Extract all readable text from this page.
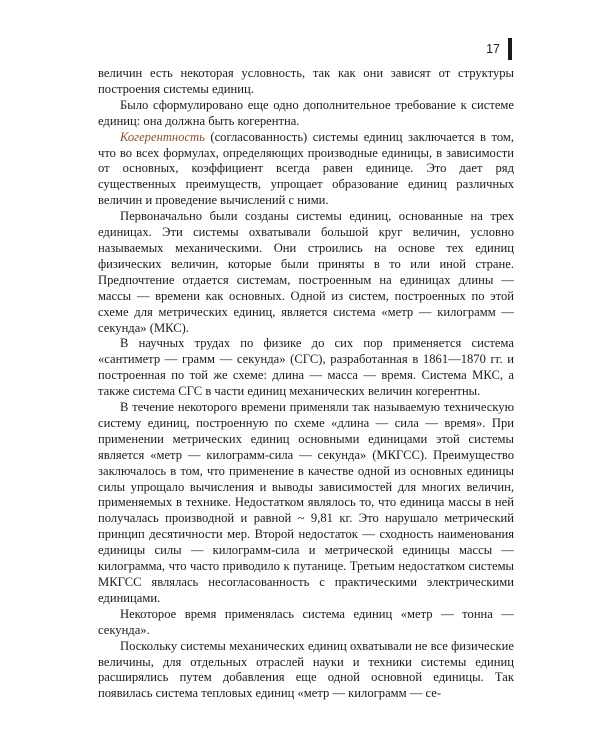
17

величин есть некоторая условность, так как они зависят от структуры построения системы единиц.

Было сформулировано еще одно дополнительное требование к системе единиц: она должна быть когерентна.

Когерентность (согласованность) системы единиц заключается в том, что во всех формулах, определяющих производные единицы, в зависимости от основных, коэффициент всегда равен единице. Это дает ряд существенных преимуществ, упрощает образование единиц различных величин и проведение вычислений с ними.

Первоначально были созданы системы единиц, основанные на трех единицах. Эти системы охватывали большой круг величин, условно называемых механическими. Они строились на основе тех единиц физических величин, которые были приняты в то или иной стране. Предпочтение отдается системам, построенным на единицах длины — массы — времени как основных. Одной из систем, построенных по этой схеме для метрических единиц, является система «метр — килограмм — секунда» (МКС).

В научных трудах по физике до сих пор применяется система «сантиметр — грамм — секунда» (СГС), разработанная в 1861—1870 гг. и построенная по той же схеме: длина — масса — время. Система МКС, а также система СГС в части единиц механических величин когерентны.

В течение некоторого времени применяли так называемую техническую систему единиц, построенную по схеме «длина — сила — время». При применении метрических единиц основными единицами этой системы является «метр — килограмм-сила — секунда» (МКГСС). Преимущество заключалось в том, что применение в качестве одной из основных единицы силы упрощало вычисления и выводы зависимостей для многих величин, применяемых в технике. Недостатком являлось то, что единица массы в ней получалась производной и равной ~ 9,81 кг. Это нарушало метрический принцип десятичности мер. Второй недостаток — сходность наименования единицы силы — килограмм-сила и метрической единицы массы — килограмма, что часто приводило к путанице. Третьим недостатком системы МКГСС являлась несогласованность с практическими электрическими единицами.

Некоторое время применялась система единиц «метр — тонна — секунда».

Поскольку системы механических единиц охватывали не все физические величины, для отдельных отраслей науки и техники системы единиц расширялись путем добавления еще одной основной единицы. Так появилась система тепловых единиц «метр — килограмм — се-
